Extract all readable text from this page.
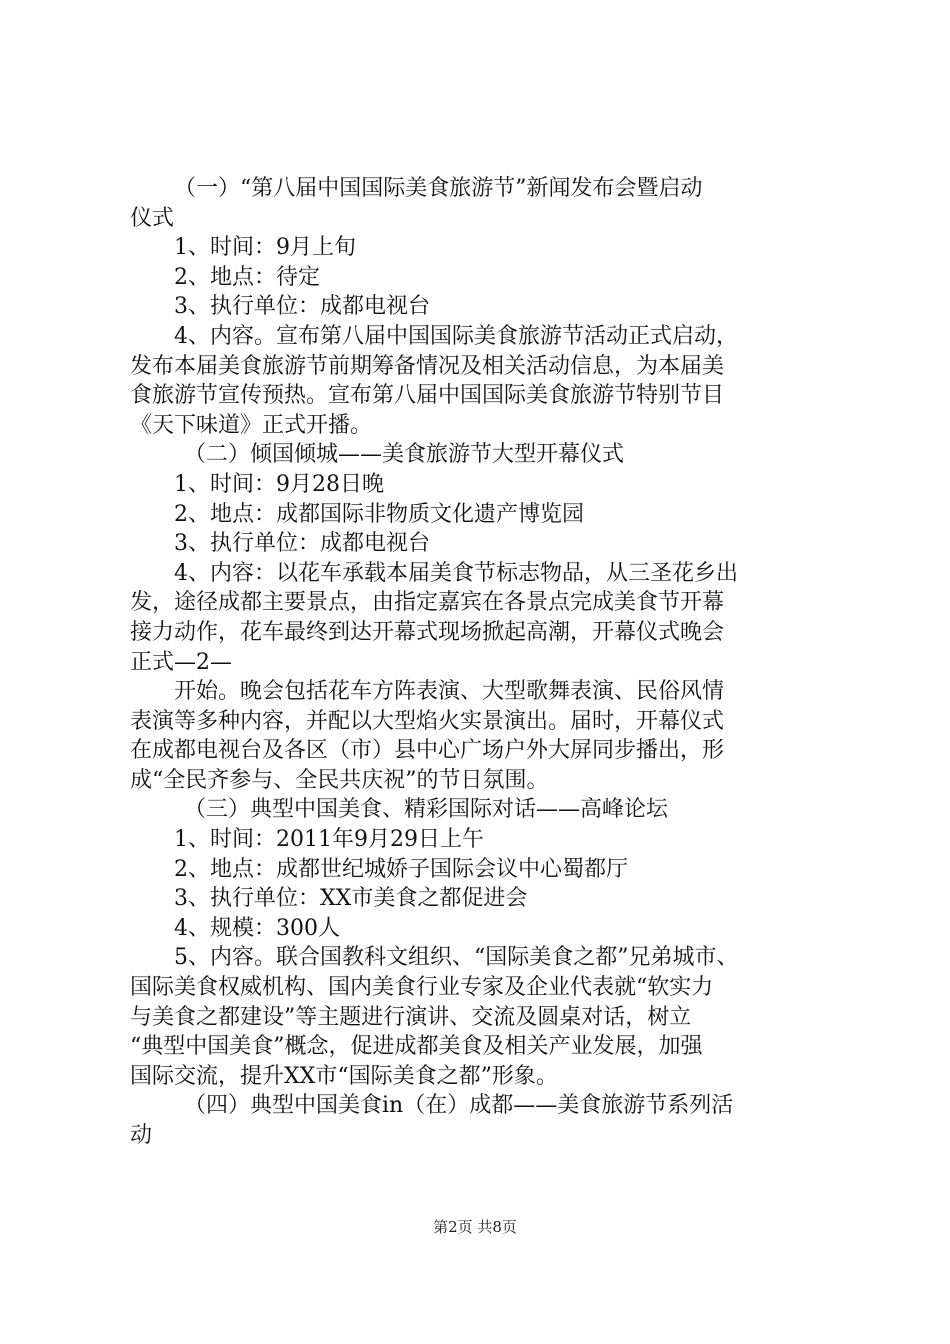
（一）“第八届中国国际美食旅游节”新闻发布会暨启动
仪式
1、时间：9月上旬
2、地点：待定
3、执行单位：成都电视台
4、内容。宣布第八届中国国际美食旅游节活动正式启动，
发布本届美食旅游节前期筹备情况及相关活动信息，为本届美
食旅游节宣传预热。宣布第八届中国国际美食旅游节特别节目
《天下味道》正式开播。
（二）倾国倾城——美食旅游节大型开幕仪式
1、时间：9月28日晚
2、地点：成都国际非物质文化遗产博览园
3、执行单位：成都电视台
4、内容：以花车承载本届美食节标志物品，从三圣花乡出
发，途径成都主要景点，由指定嘉宾在各景点完成美食节开幕
接力动作，花车最终到达开幕式现场掀起高潮，开幕仪式晚会
正式—2—
开始。晚会包括花车方阵表演、大型歌舞表演、民俗风情
表演等多种内容，并配以大型焰火实景演出。届时，开幕仪式
在成都电视台及各区（市）县中心广场户外大屏同步播出，形
成“全民齐参与、全民共庆祝”的节日氛围。
（三）典型中国美食、精彩国际对话——高峰论坛
1、时间：2011年9月29日上午
2、地点：成都世纪城娇子国际会议中心蜀都厅
3、执行单位：XX市美食之都促进会
4、规模：300人
5、内容。联合国教科文组织、“国际美食之都”兄弟城市、
国际美食权威机构、国内美食行业专家及企业代表就“软实力
与美食之都建设”等主题进行演讲、交流及圆桌对话，树立
“典型中国美食”概念，促进成都美食及相关产业发展，加强
国际交流，提升XX市“国际美食之都”形象。
（四）典型中国美食in（在）成都——美食旅游节系列活
动
第2页 共8页
